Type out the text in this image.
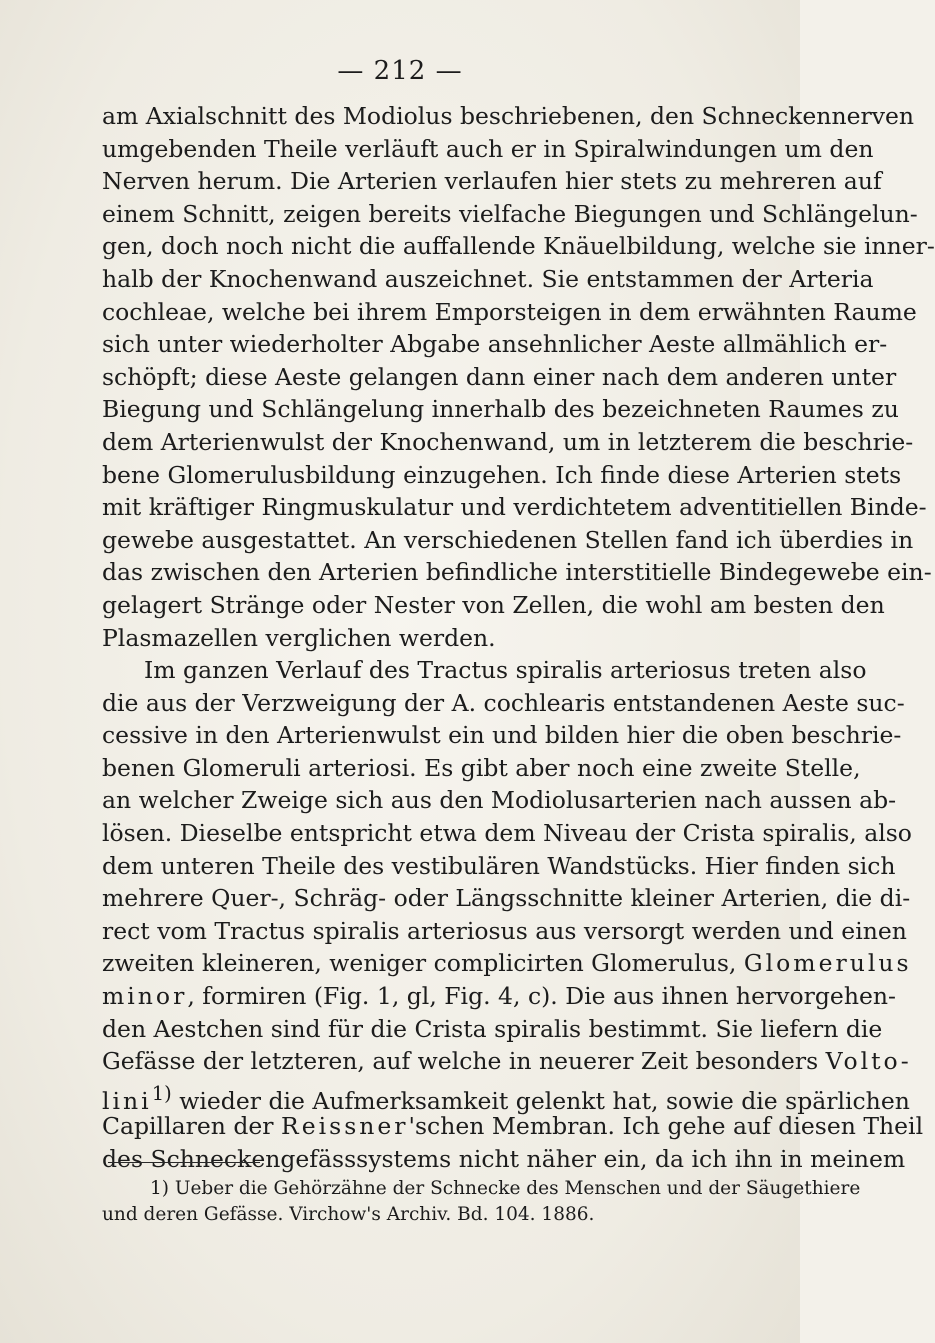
— 212 —
am Axialschnitt des Modiolus beschriebenen, den Schneckennerven
umgebenden Theile verläuft auch er in Spiralwindungen um den
Nerven herum. Die Arterien verlaufen hier stets zu mehreren auf
einem Schnitt, zeigen bereits vielfache Biegungen und Schlängelun-
gen, doch noch nicht die auffallende Knäuelbildung, welche sie inner-
halb der Knochenwand auszeichnet. Sie entstammen der Arteria
cochleae, welche bei ihrem Emporsteigen in dem erwähnten Raume
sich unter wiederholter Abgabe ansehnlicher Aeste allmählich er-
schöpft; diese Aeste gelangen dann einer nach dem anderen unter
Biegung und Schlängelung innerhalb des bezeichneten Raumes zu
dem Arterienwulst der Knochenwand, um in letzterem die beschrie-
bene Glomerulusbildung einzugehen. Ich finde diese Arterien stets
mit kräftiger Ringmuskulatur und verdichtetem adventitiellen Binde-
gewebe ausgestattet. An verschiedenen Stellen fand ich überdies in
das zwischen den Arterien befindliche interstitielle Bindegewebe ein-
gelagert Stränge oder Nester von Zellen, die wohl am besten den
Plasmazellen verglichen werden.
Im ganzen Verlauf des Tractus spiralis arteriosus treten also
die aus der Verzweigung der A. cochlearis entstandenen Aeste suc-
cessive in den Arterienwulst ein und bilden hier die oben beschrie-
benen Glomeruli arteriosi. Es gibt aber noch eine zweite Stelle,
an welcher Zweige sich aus den Modiolusarterien nach aussen ab-
lösen. Dieselbe entspricht etwa dem Niveau der Crista spiralis, also
dem unteren Theile des vestibulären Wandstücks. Hier finden sich
mehrere Quer-, Schräg- oder Längsschnitte kleiner Arterien, die di-
rect vom Tractus spiralis arteriosus aus versorgt werden und einen
zweiten kleineren, weniger complicirten Glomerulus, Glomerulus
minor, formiren (Fig. 1, gl, Fig. 4, c). Die aus ihnen hervorgehen-
den Aestchen sind für die Crista spiralis bestimmt. Sie liefern die
Gefässe der letzteren, auf welche in neuerer Zeit besonders Volto-
lini$^{1)}$ wieder die Aufmerksamkeit gelenkt hat, sowie die spärlichen
Capillaren der Reissner'schen Membran. Ich gehe auf diesen Theil
des Schneckengefässsystems nicht näher ein, da ich ihn in meinem
1) Ueber die Gehörzähne der Schnecke des Menschen und der Säugethiere
und deren Gefässe. Virchow's Archiv. Bd. 104. 1886.
